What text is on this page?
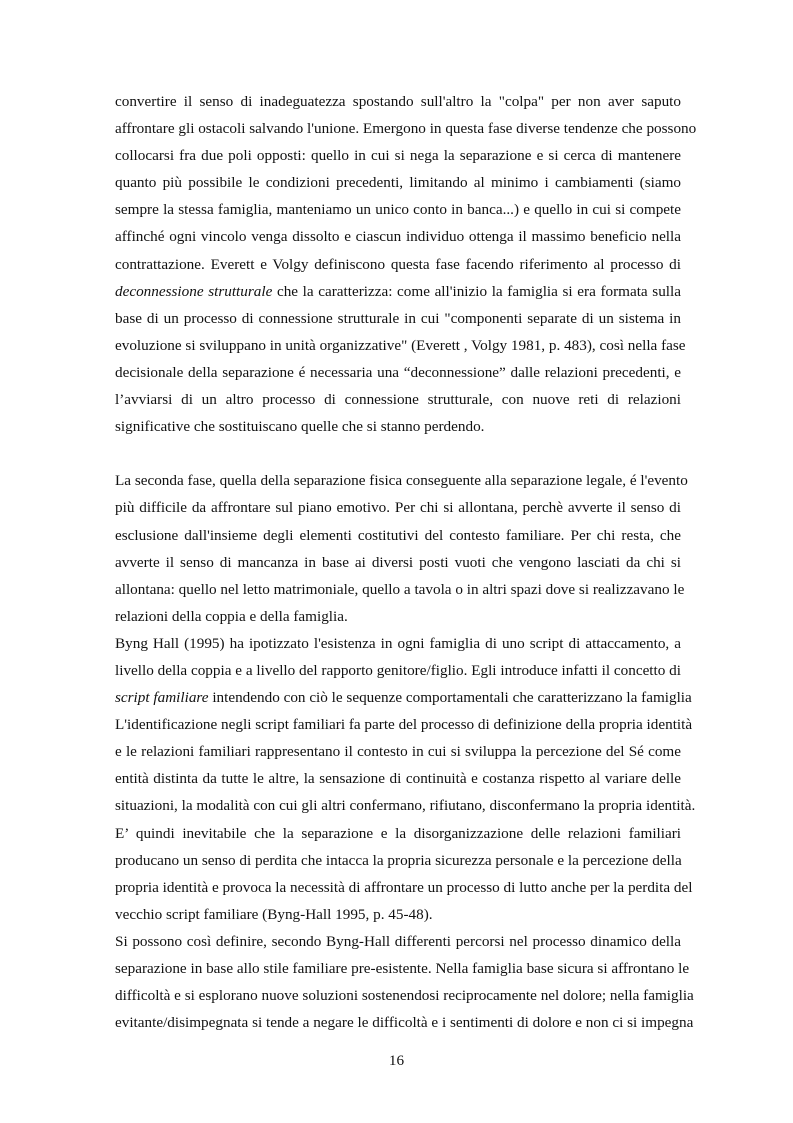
convertire il senso di inadeguatezza spostando sull'altro la "colpa" per non aver saputo
affrontare gli ostacoli salvando l'unione. Emergono in questa fase diverse tendenze che possono
collocarsi fra due poli opposti: quello in cui si nega la separazione e si cerca di mantenere
quanto più possibile le condizioni precedenti, limitando al minimo i cambiamenti (siamo
sempre la stessa famiglia, manteniamo un unico conto in banca...) e quello in cui si compete
affinché ogni vincolo venga dissolto e ciascun individuo ottenga il massimo beneficio nella
contrattazione. Everett e Volgy definiscono questa fase facendo riferimento al processo di
deconnessione strutturale che la caratterizza: come all'inizio la famiglia si era formata sulla
base di un processo di connessione strutturale in cui "componenti separate di un sistema in
evoluzione si sviluppano in unità organizzative" (Everett , Volgy 1981, p. 483), così nella fase
decisionale della separazione é necessaria una “deconnessione” dalle relazioni precedenti, e
l’avviarsi di un altro processo di connessione strutturale, con nuove reti di relazioni
significative che sostituiscano quelle che si stanno perdendo.
La seconda fase, quella della separazione fisica conseguente alla separazione legale, é l'evento
più difficile da affrontare sul piano emotivo. Per chi si allontana, perchè avverte il senso di
esclusione dall'insieme degli elementi costitutivi del contesto familiare. Per chi resta, che
avverte il senso di mancanza in base ai diversi posti vuoti che vengono lasciati da chi si
allontana: quello nel letto matrimoniale, quello a tavola o in altri spazi dove si realizzavano le
relazioni della coppia e della famiglia.
Byng Hall (1995) ha ipotizzato l'esistenza in ogni famiglia di uno script di attaccamento, a
livello della coppia e a livello del rapporto genitore/figlio. Egli introduce infatti il concetto di
script familiare intendendo con ciò le sequenze comportamentali che caratterizzano la famiglia
L'identificazione negli script familiari fa parte del processo di definizione della propria identità
e le relazioni familiari rappresentano il contesto in cui si sviluppa la percezione del Sé come
entità distinta da tutte le altre, la sensazione di continuità e costanza rispetto al variare delle
situazioni, la modalità con cui gli altri confermano, rifiutano, disconfermano la propria identità.
E’ quindi inevitabile che la separazione e la disorganizzazione delle relazioni familiari
producano un senso di perdita che intacca la propria sicurezza personale e la percezione della
propria identità e provoca la necessità di affrontare un processo di lutto anche per la perdita del
vecchio script familiare (Byng-Hall 1995, p. 45-48).
Si possono così definire, secondo Byng-Hall differenti percorsi nel processo dinamico della
separazione in base allo stile familiare pre-esistente. Nella famiglia base sicura si affrontano le
difficoltà e si esplorano nuove soluzioni sostenendosi reciprocamente nel dolore; nella famiglia
evitante/disimpegnata si tende a negare le difficoltà e i sentimenti di dolore e non ci si impegna
16
